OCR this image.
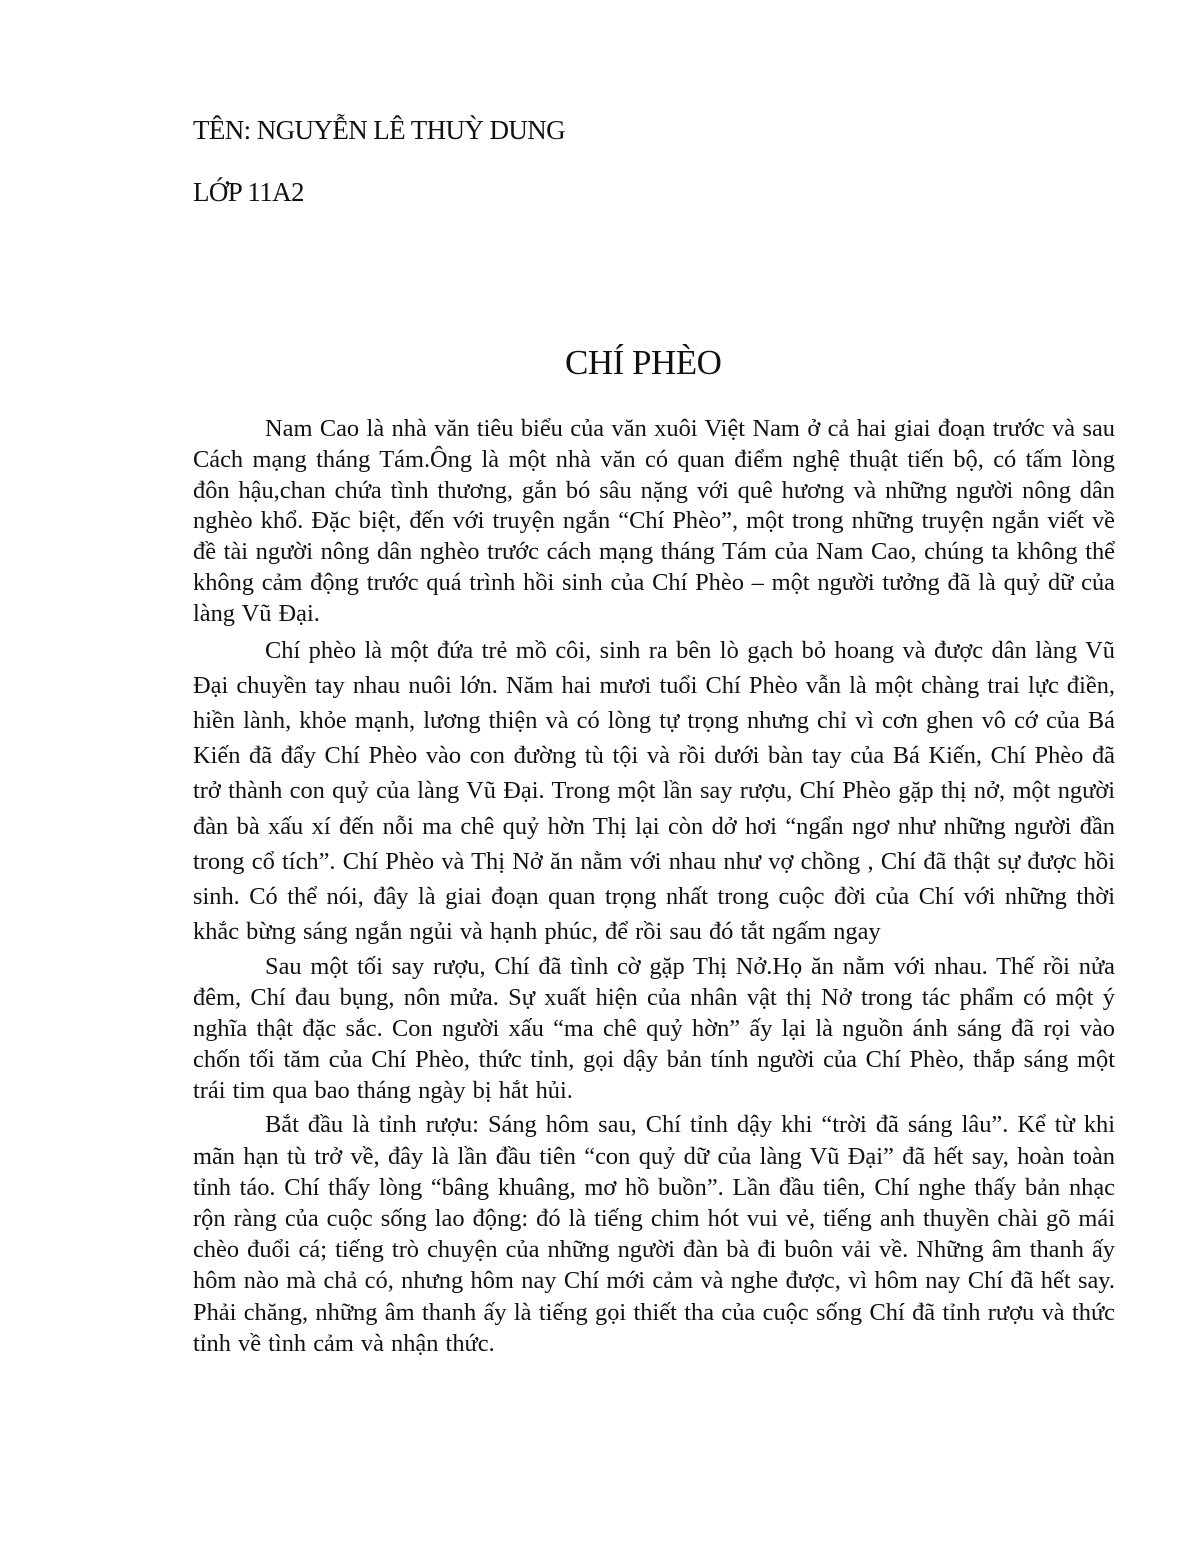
TÊN: NGUYỄN LÊ THUỲ DUNG
LỚP 11A2
CHÍ PHÈO

Nam Cao là nhà văn tiêu biểu của văn xuôi Việt Nam ở cả hai giai đoạn trước và sau Cách mạng tháng Tám.Ông là một nhà văn có quan điểm nghệ thuật tiến bộ, có tấm lòng đôn hậu,chan chứa tình thương, gắn bó sâu nặng với quê hương và những người nông dân nghèo khổ. Đặc biệt, đến với truyện ngắn “Chí Phèo”, một trong những truyện ngắn viết về đề tài người nông dân nghèo trước cách mạng tháng Tám của Nam Cao, chúng ta không thể không cảm động trước quá trình hồi sinh của Chí Phèo – một người tưởng đã là quỷ dữ của làng Vũ Đại.

Chí phèo là một đứa trẻ mồ côi, sinh ra bên lò gạch bỏ hoang và được dân làng Vũ Đại chuyền tay nhau nuôi lớn. Năm hai mươi tuổi Chí Phèo vẫn là một chàng trai lực điền, hiền lành, khỏe mạnh, lương thiện và có lòng tự trọng nhưng chỉ vì cơn ghen vô cớ của Bá Kiến đã đẩy Chí Phèo vào con đường tù tội và rồi dưới bàn tay của Bá Kiến, Chí Phèo đã trở thành con quỷ của làng Vũ Đại. Trong một lần say rượu, Chí Phèo gặp thị nở, một người đàn bà xấu xí đến nỗi ma chê quỷ hờn Thị lại còn dở hơi “ngẩn ngơ như những người đần trong cổ tích”. Chí Phèo và Thị Nở ăn nằm với nhau như vợ chồng , Chí đã thật sự được hồi sinh. Có thể nói, đây là giai đoạn quan trọng nhất trong cuộc đời của Chí với những thời khắc bừng sáng ngắn ngủi và hạnh phúc, để rồi sau đó tắt ngấm ngay

Sau một tối say rượu, Chí đã tình cờ gặp Thị Nở.Họ ăn nằm với nhau. Thế rồi nửa đêm, Chí đau bụng, nôn mửa. Sự xuất hiện của nhân vật thị Nở trong tác phẩm có một ý nghĩa thật đặc sắc. Con người xấu “ma chê quỷ hờn” ấy lại là nguồn ánh sáng đã rọi vào chốn tối tăm của Chí Phèo, thức tỉnh, gọi dậy bản tính người của Chí Phèo, thắp sáng một trái tim qua bao tháng ngày bị hắt hủi.

Bắt đầu là tỉnh rượu: Sáng hôm sau, Chí tỉnh dậy khi “trời đã sáng lâu”. Kể từ khi mãn hạn tù trở về, đây là lần đầu tiên “con quỷ dữ của làng Vũ Đại” đã hết say, hoàn toàn tỉnh táo. Chí thấy lòng “bâng khuâng, mơ hồ buồn”. Lần đầu tiên, Chí nghe thấy bản nhạc rộn ràng của cuộc sống lao động: đó là tiếng chim hót vui vẻ, tiếng anh thuyền chài gõ mái chèo đuổi cá; tiếng trò chuyện của những người đàn bà đi buôn vải về. Những âm thanh ấy hôm nào mà chả có, nhưng hôm nay Chí mới cảm và nghe được, vì hôm nay Chí đã hết say. Phải chăng, những âm thanh ấy là tiếng gọi thiết tha của cuộc sống Chí đã tỉnh rượu và thức tỉnh về tình cảm và nhận thức.
